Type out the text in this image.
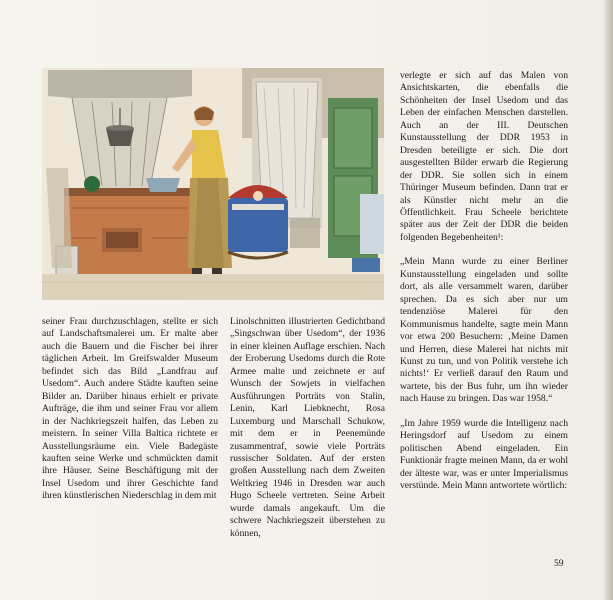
seiner Frau durchzuschlagen, stellte er sich auf Landschaftsmalerei um. Er malte aber auch die Bauern und die Fischer bei ihrer täglichen Arbeit. Im Greifswalder Museum befindet sich das Bild „Landfrau auf Usedom“. Auch andere Städte kauften seine Bilder an. Darüber hinaus erhielt er private Aufträge, die ihm und seiner Frau vor allem in der Nachkriegszeit halfen, das Leben zu meistern. In seiner Villa Baltica richtete er Ausstellungsräume ein. Viele Badegäste kauften seine Werke und schmückten damit ihre Häuser. Seine Beschäftigung mit der Insel Usedom und ihrer Geschichte fand ihren künstlerischen Niederschlag in dem mit

Linolschnitten illustrierten Gedichtband „Singschwan über Usedom“, der 1936 in einer kleinen Auflage erschien. Nach der Eroberung Usedoms durch die Rote Armee malte und zeichnete er auf Wunsch der Sowjets in vielfachen Ausführungen Porträts von Stalin, Lenin, Karl Liebknecht, Rosa Luxemburg und Marschall Schukow, mit dem er in Peenemünde zusammentraf, sowie viele Porträts russischer Soldaten. Auf der ersten großen Ausstellung nach dem Zweiten Weltkrieg 1946 in Dresden war auch Hugo Scheele vertreten. Seine Arbeit wurde damals angekauft. Um die schwere Nachkriegszeit überstehen zu können,

verlegte er sich auf das Malen von Ansichtskarten, die ebenfalls die Schönheiten der Insel Usedom und das Leben der einfachen Menschen darstellen. Auch an der III. Deutschen Kunstausstellung der DDR 1953 in Dresden beteiligte er sich. Die dort ausgestellten Bilder erwarb die Regierung der DDR. Sie sollen sich in einem Thüringer Museum befinden. Dann trat er als Künstler nicht mehr an die Öffentlichkeit. Frau Scheele berichtete später aus der Zeit der DDR die beiden folgenden Begebenheiten¹:

„Mein Mann wurde zu einer Berliner Kunstausstellung eingeladen und sollte dort, als alle versammelt waren, darüber sprechen. Da es sich aber nur um tendenziöse Malerei für den Kommunismus handelte, sagte mein Mann vor etwa 200 Besuchern: ‚Meine Damen und Herren, diese Malerei hat nichts mit Kunst zu tun, und von Politik verstehe ich nichts!‘ Er verließ darauf den Raum und wartete, bis der Bus fuhr, um ihn wieder nach Hause zu bringen. Das war 1958.“

„Im Jahre 1959 wurde die Intelligenz nach Heringsdorf auf Usedom zu einem politischen Abend eingeladen. Ein Funktionär fragte meinen Mann, da er wohl der älteste war, was er unter Imperialismus verstünde. Mein Mann antwortete wörtlich:

59
